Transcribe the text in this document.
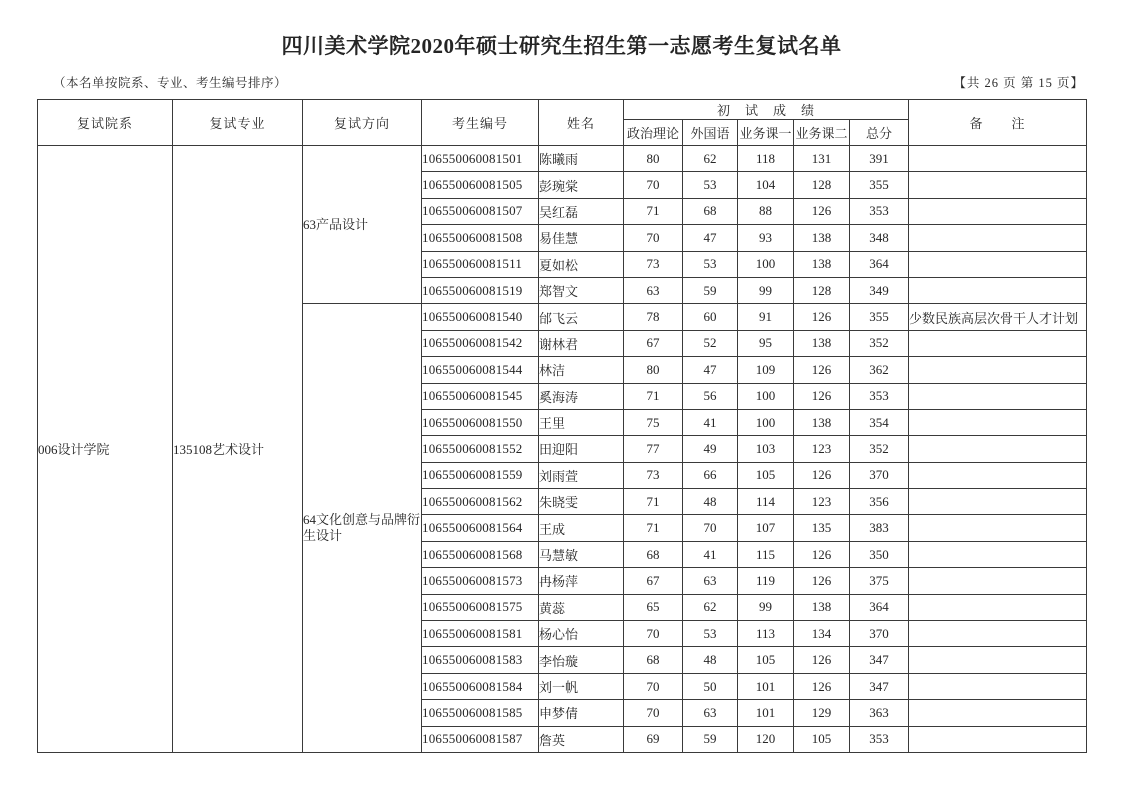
四川美术学院2020年硕士研究生招生第一志愿考生复试名单
（本名单按院系、专业、考生编号排序）	【共 26 页 第 15 页】
复试院系	复试专业	复试方向	考生编号	姓名	初　试　成　绩					备　　注
					政治理论	外国语	业务课一	业务课二	总分	
006设计学院	135108艺术设计	63产品设计	106550060081501	陈曦雨	80	62	118	131	391	
			106550060081505	彭琬棠	70	53	104	128	355	
			106550060081507	吴红磊	71	68	88	126	353	
			106550060081508	易佳慧	70	47	93	138	348	
			106550060081511	夏如松	73	53	100	138	364	
			106550060081519	郑智文	63	59	99	128	349	
		64文化创意与品牌衍生设计	106550060081540	邰飞云	78	60	91	126	355	少数民族高层次骨干人才计划
			106550060081542	谢林君	67	52	95	138	352	
			106550060081544	林洁	80	47	109	126	362	
			106550060081545	奚海涛	71	56	100	126	353	
			106550060081550	王里	75	41	100	138	354	
			106550060081552	田迎阳	77	49	103	123	352	
			106550060081559	刘雨萱	73	66	105	126	370	
			106550060081562	朱晓雯	71	48	114	123	356	
			106550060081564	王成	71	70	107	135	383	
			106550060081568	马慧敏	68	41	115	126	350	
			106550060081573	冉杨萍	67	63	119	126	375	
			106550060081575	黄蕊	65	62	99	138	364	
			106550060081581	杨心怡	70	53	113	134	370	
			106550060081583	李怡璇	68	48	105	126	347	
			106550060081584	刘一帆	70	50	101	126	347	
			106550060081585	申梦倩	70	63	101	129	363	
			106550060081587	詹英	69	59	120	105	353	
